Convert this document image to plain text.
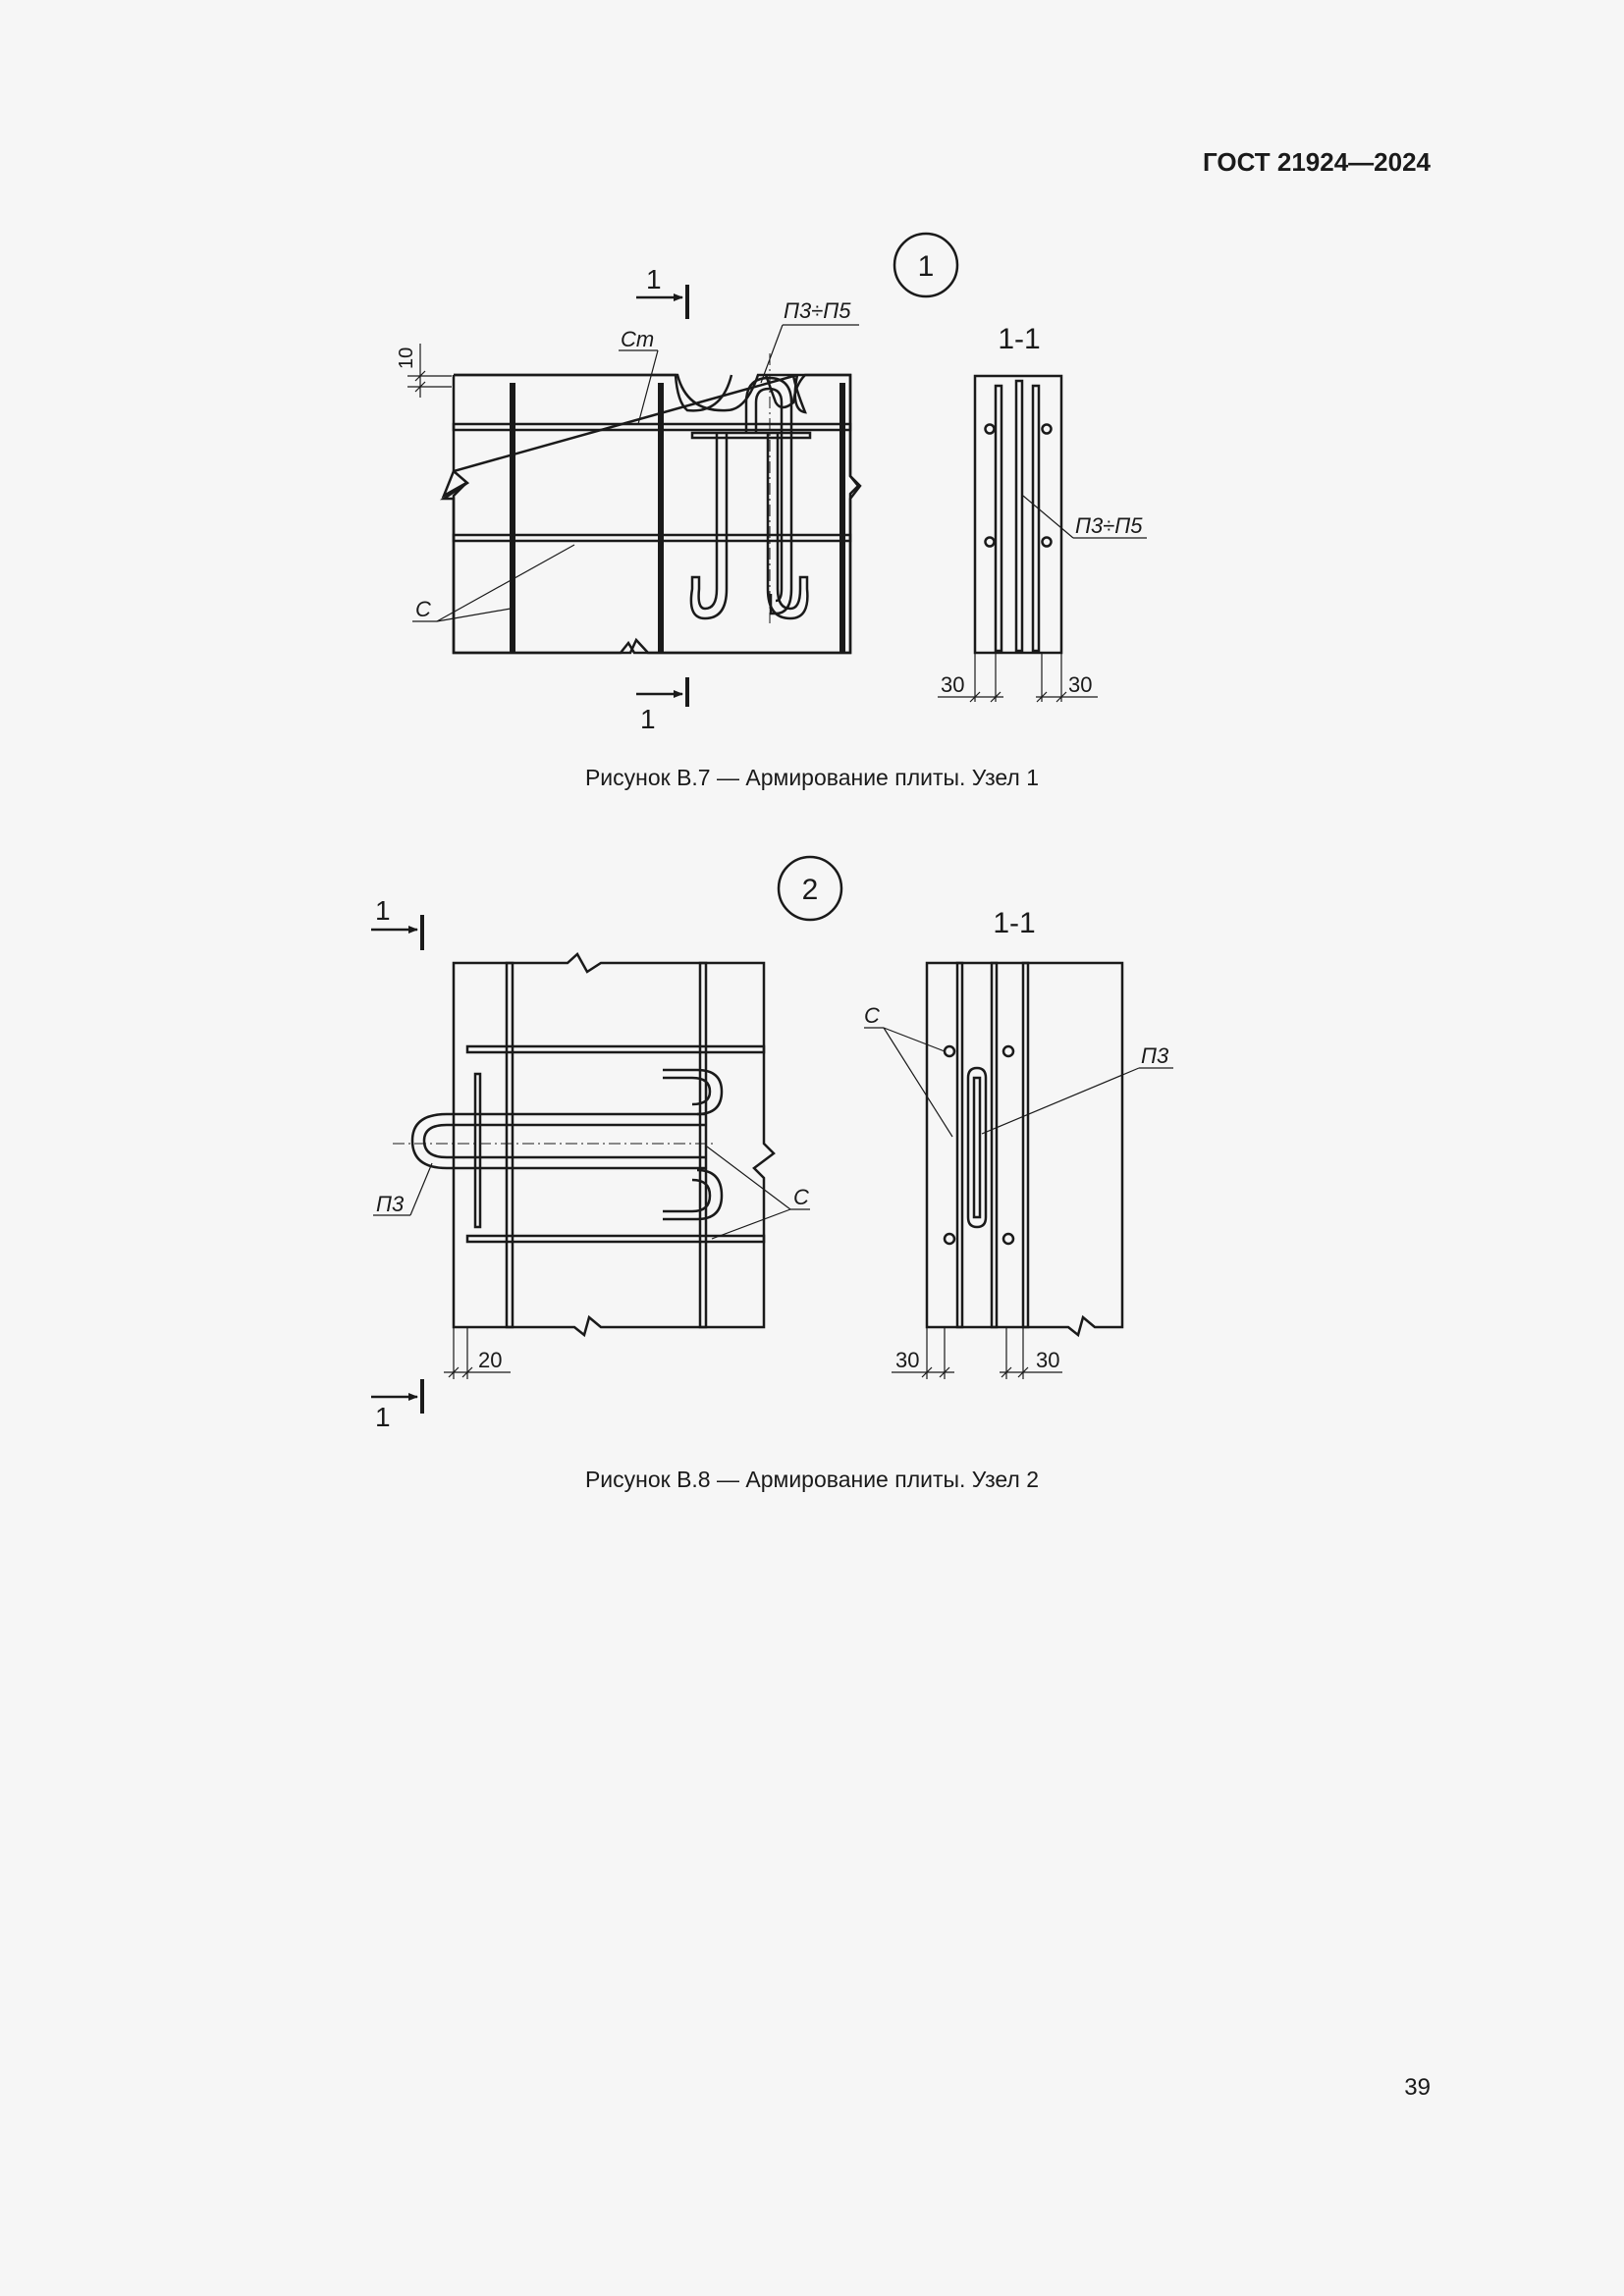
ГОСТ 21924—2024
1
1
1
10
Ст
П3÷П5
С
1-1
П3÷П5
30	30
2
1
1
П3	С
20
1-1
С
П3
30	30
Рисунок В.7 — Армирование плиты. Узел 1
Рисунок В.8 — Армирование плиты. Узел 2
39
